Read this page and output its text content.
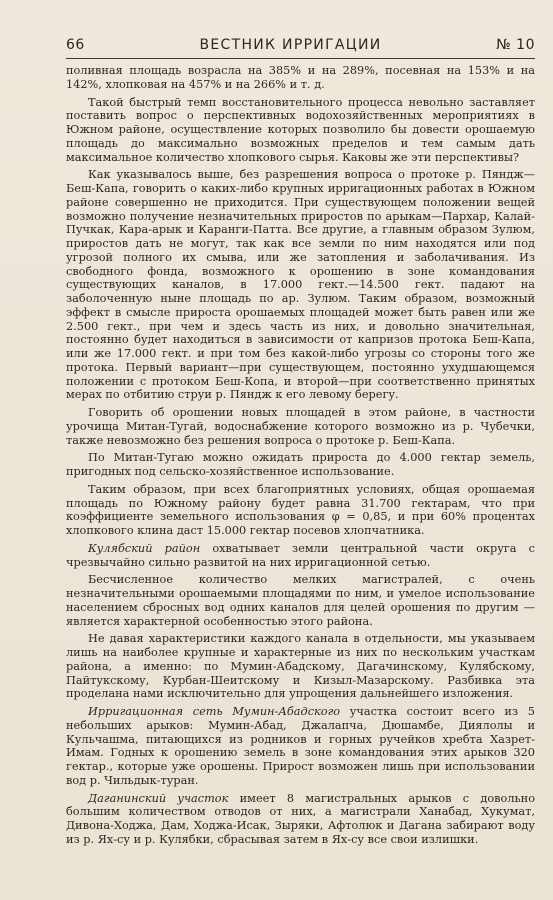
66	ВЕСТНИК ИРРИГАЦИИ	№ 10

поливная площадь возрасла на 385% и на 289%, посевная на 153% и на 142%, хлопковая на 457% и на 266% и т. д.

Такой быстрый темп восстановительного процесса невольно заставляет поставить вопрос о перспективных водохозяйственных мероприятиях в Южном районе, осуществление которых позволило бы довести орошаемую площадь до максимально возможных пределов и тем самым дать максимальное количество хлопкового сырья. Каковы же эти перспективы?

Как указывалось выше, без разрешения вопроса о протоке р. Пяндж—Беш-Капа, говорить о каких-либо крупных ирригационных работах в Южном районе совершенно не приходится. При существующем положении вещей возможно получение незначительных приростов по арыкам—Пархар, Калай-Пучкак, Кара-арык и Каранги-Патта. Все другие, а главным образом Зулюм, приростов дать не могут, так как все земли по ним находятся или под угрозой полного их смыва, или же затопления и заболачивания. Из свободного фонда, возможного к орошению в зоне командования существующих каналов, в 17.000 гект.—14.500 гект. падают на заболоченную ныне площадь по ар. Зулюм. Таким образом, возможный эффект в смысле прироста орошаемых площадей может быть равен или же 2.500 гект., при чем и здесь часть из них, и довольно значительная, постоянно будет находиться в зависимости от капризов протока Беш-Капа, или же 17.000 гект. и при том без какой-либо угрозы со стороны того же протока. Первый вариант—при существующем, постоянно ухудшающемся положении с протоком Беш-Копа, и второй—при соответственно принятых мерах по отбитию струи р. Пяндж к его левому берегу.

Говорить об орошении новых площадей в этом районе, в частности урочища Митан-Тугай, водоснабжение которого возможно из р. Чубечки, также невозможно без решения вопроса о протоке р. Беш-Капа.

По Митан-Тугаю можно ожидать прироста до 4.000 гектар земель, пригодных под сельско-хозяйственное использование.

Таким образом, при всех благоприятных условиях, общая орошаемая площадь по Южному району будет равна 31.700 гектарам, что при коэффициенте земельного использования φ = 0,85, и при 60% процентах хлопкового клина даст 15.000 гектар посевов хлопчатника.

Кулябский район охватывает земли центральной части округа с чрезвычайно сильно развитой на них ирригационной сетью.

Бесчисленное количество мелких магистралей, с очень незначительными орошаемыми площадями по ним, и умелое использование населением сбросных вод одних каналов для целей орошения по другим —является характерной особенностью этого района.

Не давая характеристики каждого канала в отдельности, мы указываем лишь на наиболее крупные и характерные из них по нескольким участкам района, а именно: по Мумин-Абадскому, Дагачинскому, Кулябскому, Пайтукскому, Курбан-Шеитскому и Кизыл-Мазарскому. Разбивка эта проделана нами исключительно для упрощения дальнейшего изложения.

Ирригационная сеть Мумин-Абадского участка состоит всего из 5 небольших арыков: Мумин-Абад, Джалапча, Дюшамбе, Диялолы и Кульчашма, питающихся из родников и горных ручейков хребта Хазрет-Имам. Годных к орошению земель в зоне командования этих арыков 320 гектар., которые уже орошены. Прирост возможен лишь при использовании вод р. Чильдык-туран.

Даганинский участок имеет 8 магистральных арыков с довольно большим количеством отводов от них, а магистрали Ханабад, Хукумат, Дивона-Ходжа, Дам, Ходжа-Исак, Зыряки, Афтолюк и Дагана забирают воду из р. Ях-су и р. Кулябки, сбрасывая затем в Ях-су все свои излишки.
